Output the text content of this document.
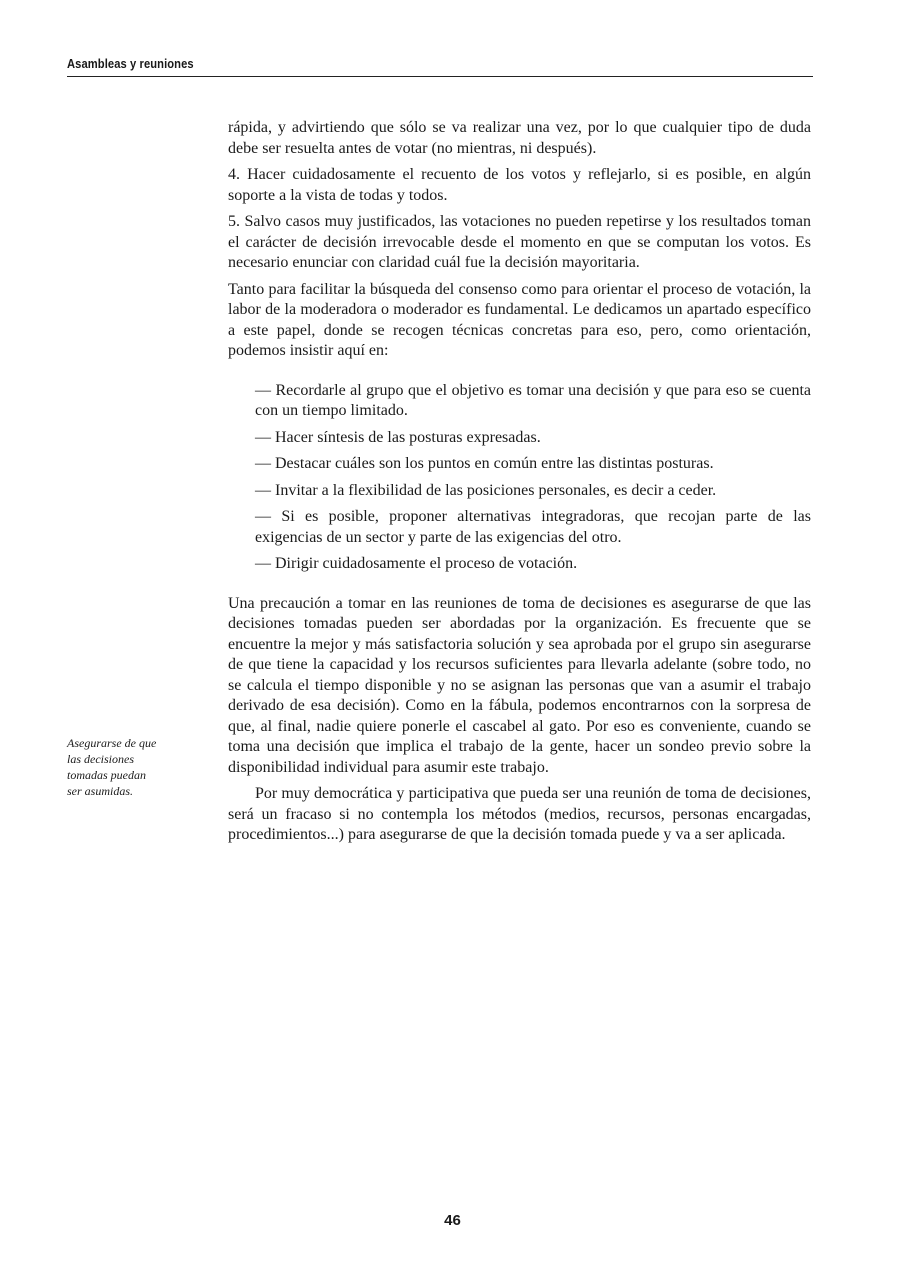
Asambleas y reuniones

rápida, y advirtiendo que sólo se va realizar una vez, por lo que cualquier tipo de duda debe ser resuelta antes de votar (no mientras, ni después).

4. Hacer cuidadosamente el recuento de los votos y reflejarlo, si es posible, en algún soporte a la vista de todas y todos.

5. Salvo casos muy justificados, las votaciones no pueden repetirse y los resultados toman el carácter de decisión irrevocable desde el momento en que se computan los votos. Es necesario enunciar con claridad cuál fue la decisión mayoritaria.

Tanto para facilitar la búsqueda del consenso como para orientar el proceso de votación, la labor de la moderadora o moderador es fundamental. Le dedicamos un apartado específico a este papel, donde se recogen técnicas concretas para eso, pero, como orientación, podemos insistir aquí en:

— Recordarle al grupo que el objetivo es tomar una decisión y que para eso se cuenta con un tiempo limitado.
— Hacer síntesis de las posturas expresadas.
— Destacar cuáles son los puntos en común entre las distintas posturas.
— Invitar a la flexibilidad de las posiciones personales, es decir a ceder.
— Si es posible, proponer alternativas integradoras, que recojan parte de las exigencias de un sector y parte de las exigencias del otro.
— Dirigir cuidadosamente el proceso de votación.

Una precaución a tomar en las reuniones de toma de decisiones es asegurarse de que las decisiones tomadas pueden ser abordadas por la organización. Es frecuente que se encuentre la mejor y más satisfactoria solución y sea aprobada por el grupo sin asegurarse de que tiene la capacidad y los recursos suficientes para llevarla adelante (sobre todo, no se calcula el tiempo disponible y no se asignan las personas que van a asumir el trabajo derivado de esa decisión). Como en la fábula, podemos encontrarnos con la sorpresa de que, al final, nadie quiere ponerle el cascabel al gato. Por eso es conveniente, cuando se toma una decisión que implica el trabajo de la gente, hacer un sondeo previo sobre la disponibilidad individual para asumir este trabajo.

Por muy democrática y participativa que pueda ser una reunión de toma de decisiones, será un fracaso si no contempla los métodos (medios, recursos, personas encargadas, procedimientos...) para asegurarse de que la decisión tomada puede y va a ser aplicada.

Asegurarse de que
las decisiones
tomadas puedan
ser asumidas.
46
